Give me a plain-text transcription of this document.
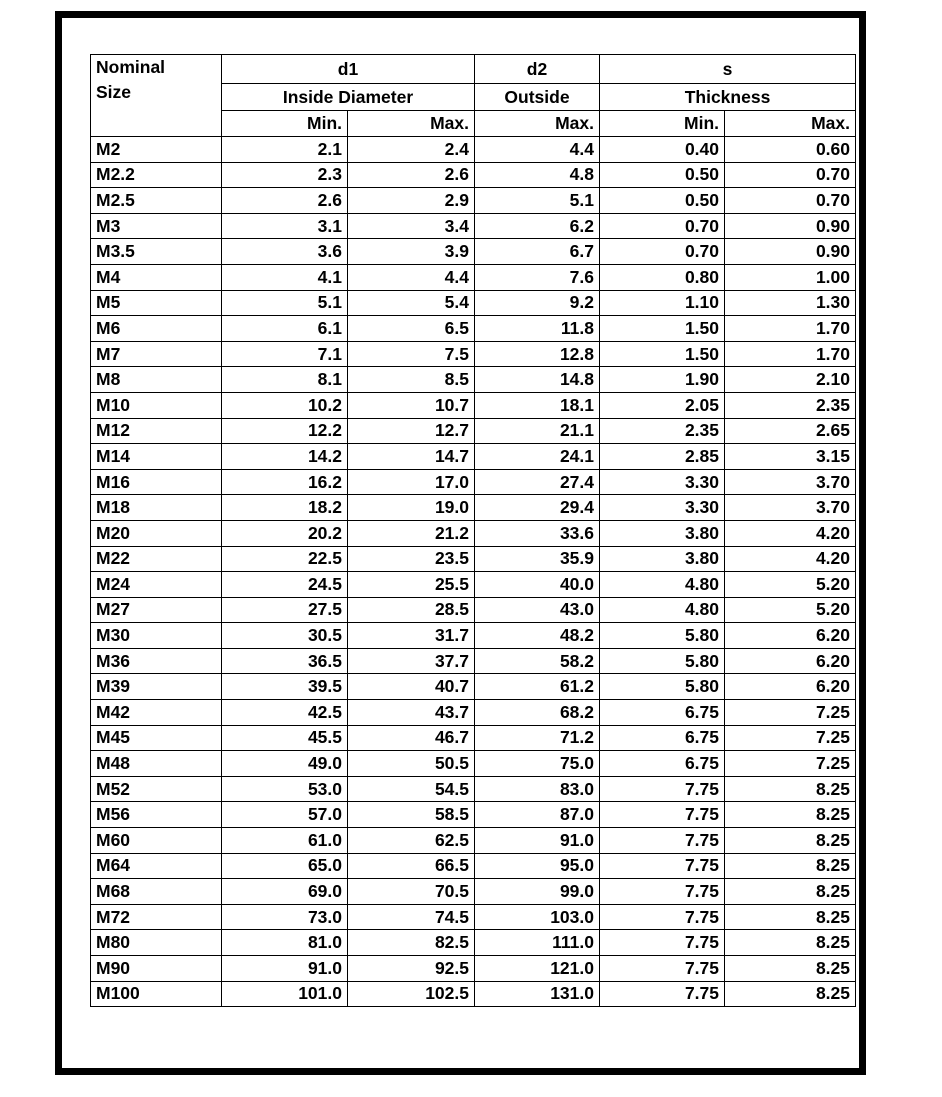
Nominal
Size	d1		d2	s	
	Inside Diameter		Outside	Thickness	
	Min.	Max.	Max.	Min.	Max.
M2	2.1	2.4	4.4	0.40	0.60
M2.2	2.3	2.6	4.8	0.50	0.70
M2.5	2.6	2.9	5.1	0.50	0.70
M3	3.1	3.4	6.2	0.70	0.90
M3.5	3.6	3.9	6.7	0.70	0.90
M4	4.1	4.4	7.6	0.80	1.00
M5	5.1	5.4	9.2	1.10	1.30
M6	6.1	6.5	11.8	1.50	1.70
M7	7.1	7.5	12.8	1.50	1.70
M8	8.1	8.5	14.8	1.90	2.10
M10	10.2	10.7	18.1	2.05	2.35
M12	12.2	12.7	21.1	2.35	2.65
M14	14.2	14.7	24.1	2.85	3.15
M16	16.2	17.0	27.4	3.30	3.70
M18	18.2	19.0	29.4	3.30	3.70
M20	20.2	21.2	33.6	3.80	4.20
M22	22.5	23.5	35.9	3.80	4.20
M24	24.5	25.5	40.0	4.80	5.20
M27	27.5	28.5	43.0	4.80	5.20
M30	30.5	31.7	48.2	5.80	6.20
M36	36.5	37.7	58.2	5.80	6.20
M39	39.5	40.7	61.2	5.80	6.20
M42	42.5	43.7	68.2	6.75	7.25
M45	45.5	46.7	71.2	6.75	7.25
M48	49.0	50.5	75.0	6.75	7.25
M52	53.0	54.5	83.0	7.75	8.25
M56	57.0	58.5	87.0	7.75	8.25
M60	61.0	62.5	91.0	7.75	8.25
M64	65.0	66.5	95.0	7.75	8.25
M68	69.0	70.5	99.0	7.75	8.25
M72	73.0	74.5	103.0	7.75	8.25
M80	81.0	82.5	111.0	7.75	8.25
M90	91.0	92.5	121.0	7.75	8.25
M100	101.0	102.5	131.0	7.75	8.25
